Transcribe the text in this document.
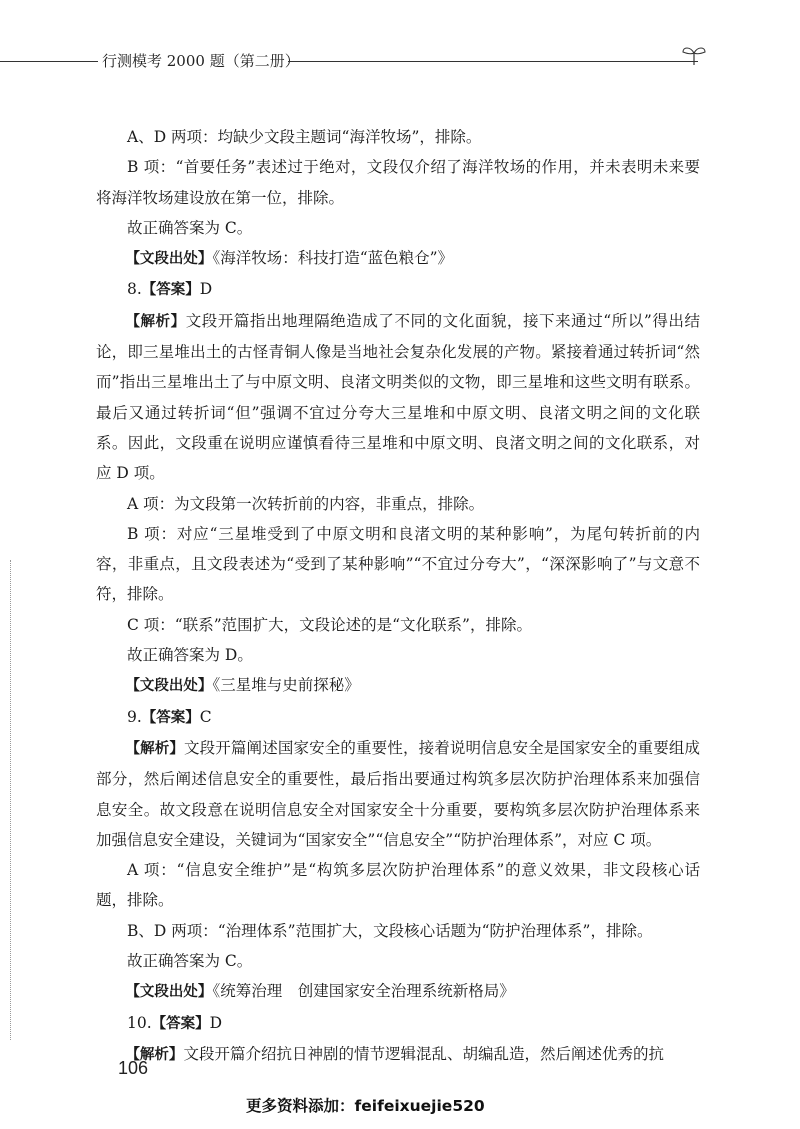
行测模考 2000 题（第二册）

A、D 两项：均缺少文段主题词“海洋牧场”，排除。

B 项：“首要任务”表述过于绝对，文段仅介绍了海洋牧场的作用，并未表明未来要将海洋牧场建设放在第一位，排除。

故正确答案为 C。

【文段出处】《海洋牧场：科技打造“蓝色粮仓”》

8.【答案】D

【解析】文段开篇指出地理隔绝造成了不同的文化面貌，接下来通过“所以”得出结论，即三星堆出土的古怪青铜人像是当地社会复杂化发展的产物。紧接着通过转折词“然而”指出三星堆出土了与中原文明、良渚文明类似的文物，即三星堆和这些文明有联系。最后又通过转折词“但”强调不宜过分夸大三星堆和中原文明、良渚文明之间的文化联系。因此，文段重在说明应谨慎看待三星堆和中原文明、良渚文明之间的文化联系，对应 D 项。

A 项：为文段第一次转折前的内容，非重点，排除。

B 项：对应“三星堆受到了中原文明和良渚文明的某种影响”，为尾句转折前的内容，非重点，且文段表述为“受到了某种影响”“不宜过分夸大”，“深深影响了”与文意不符，排除。

C 项：“联系”范围扩大，文段论述的是“文化联系”，排除。

故正确答案为 D。

【文段出处】《三星堆与史前探秘》

9.【答案】C

【解析】文段开篇阐述国家安全的重要性，接着说明信息安全是国家安全的重要组成部分，然后阐述信息安全的重要性，最后指出要通过构筑多层次防护治理体系来加强信息安全。故文段意在说明信息安全对国家安全十分重要，要构筑多层次防护治理体系来加强信息安全建设，关键词为“国家安全”“信息安全”“防护治理体系”，对应 C 项。

A 项：“信息安全维护”是“构筑多层次防护治理体系”的意义效果，非文段核心话题，排除。

B、D 两项：“治理体系”范围扩大，文段核心话题为“防护治理体系”，排除。

故正确答案为 C。

【文段出处】《统筹治理　创建国家安全治理系统新格局》

10.【答案】D

【解析】文段开篇介绍抗日神剧的情节逻辑混乱、胡编乱造，然后阐述优秀的抗

106
更多资料添加：feifeixuejie520
